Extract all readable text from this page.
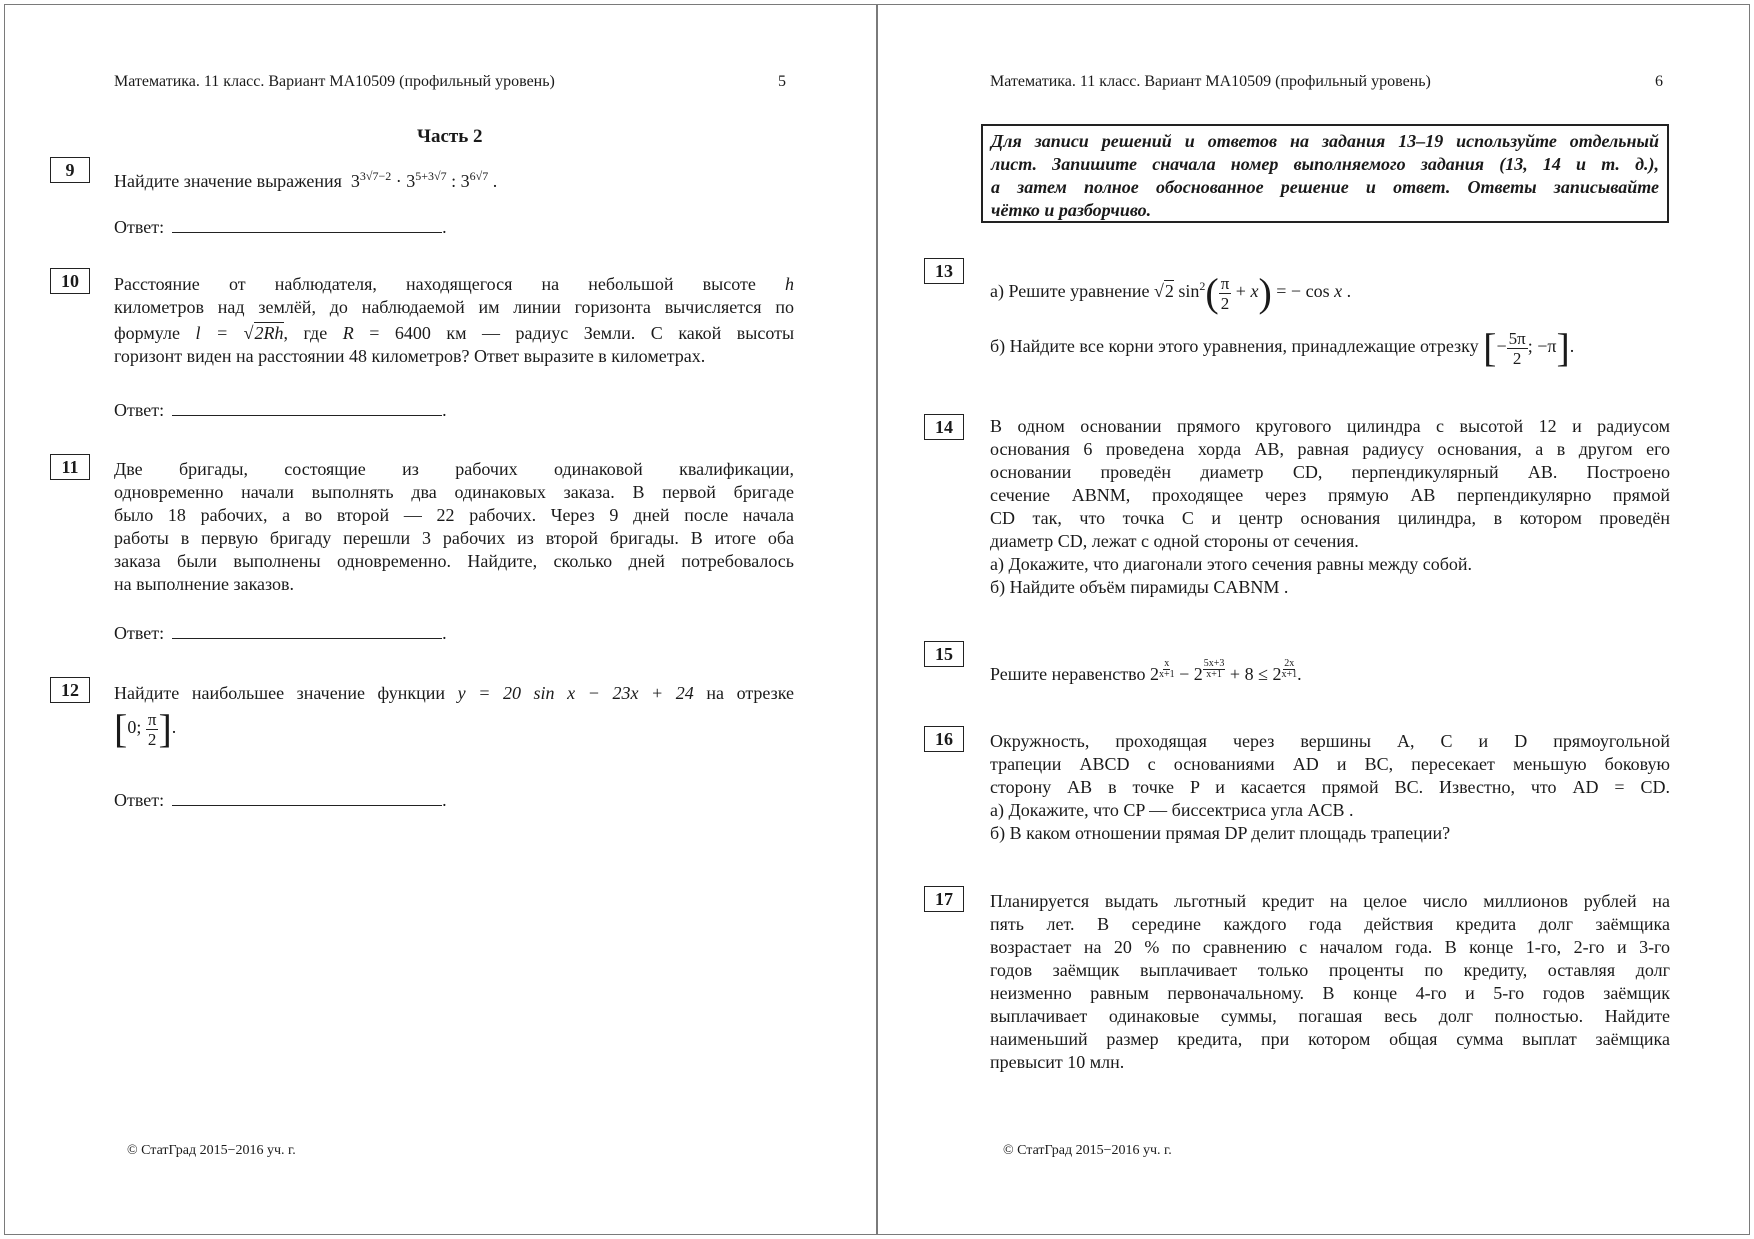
Математика. 11 класс. Вариант МА10509 (профильный уровень)	5
Часть 2
9
Найдите значение выражения  $3^{3√7-2} \cdot 3^{5+3√7}$ : $3^{6√7}$ .
Ответ:	.
10	Расстояние от наблюдателя, находящегося на небольшой высоте h
километров над землёй, до наблюдаемой им линии горизонта вычисляется по
формуле l = √2Rh, где R = 6400 км — радиус Земли. С какой высоты
горизонт виден на расстоянии 48 километров? Ответ выразите в километрах.
Ответ:	.
11	Две бригады, состоящие из рабочих одинаковой квалификации,
одновременно начали выполнять два одинаковых заказа. В первой бригаде
было 18 рабочих, а во второй — 22 рабочих. Через 9 дней после начала
работы в первую бригаду перешли 3 рабочих из второй бригады. В итоге оба
заказа были выполнены одновременно. Найдите, сколько дней потребовалось
на выполнение заказов.
Ответ:	.
12	Найдите наибольшее значение функции y = 20 sin x − 23x + 24 на отрезке
[0; $\frac{\pi}{2}$ ].
Ответ:	.
© СтатГрад 2015−2016 уч. г.
Математика. 11 класс. Вариант МА10509 (профильный уровень)	6
Для записи решений и ответов на задания 13–19 используйте отдельный
лист. Запишите сначала номер выполняемого задания (13, 14 и т. д.),
а затем полное обоснованное решение и ответ. Ответы записывайте
чётко и разборчиво.
13
а) Решите уравнение √2 $\sin^2( \frac{\pi}{2} + x)$ = − cos x .
б) Найдите все корни этого уравнения, принадлежащие отрезку [− $\frac{5\pi}{2}$ ; −π].
14	В одном основании прямого кругового цилиндра с высотой 12 и радиусом
основания 6 проведена хорда AB, равная радиусу основания, а в другом его
основании проведён диаметр CD, перпендикулярный AB. Построено
сечение ABNM, проходящее через прямую AB перпендикулярно прямой
CD так, что точка C и центр основания цилиндра, в котором проведён
диаметр CD, лежат с одной стороны от сечения.
а) Докажите, что диагонали этого сечения равны между собой.
б) Найдите объём пирамиды CABNM .
15
Решите неравенство $2 \frac{x}{x+1} - 2 \frac{5x+3}{x+1} + 8 \le 2 \frac{2x}{x+1}$ .
16	Окружность, проходящая через вершины A, C и D прямоугольной
трапеции ABCD с основаниями AD и BC, пересекает меньшую боковую
сторону AB в точке P и касается прямой BC. Известно, что AD = CD.
а) Докажите, что CP — биссектриса угла ACB .
б) В каком отношении прямая DP делит площадь трапеции?
17	Планируется выдать льготный кредит на целое число миллионов рублей на
пять лет. В середине каждого года действия кредита долг заёмщика
возрастает на 20 % по сравнению с началом года. В конце 1-го, 2-го и 3-го
годов заёмщик выплачивает только проценты по кредиту, оставляя долг
неизменно равным первоначальному. В конце 4-го и 5-го годов заёмщик
выплачивает одинаковые суммы, погашая весь долг полностью. Найдите
наименьший размер кредита, при котором общая сумма выплат заёмщика
превысит 10 млн.
© СтатГрад 2015−2016 уч. г.
